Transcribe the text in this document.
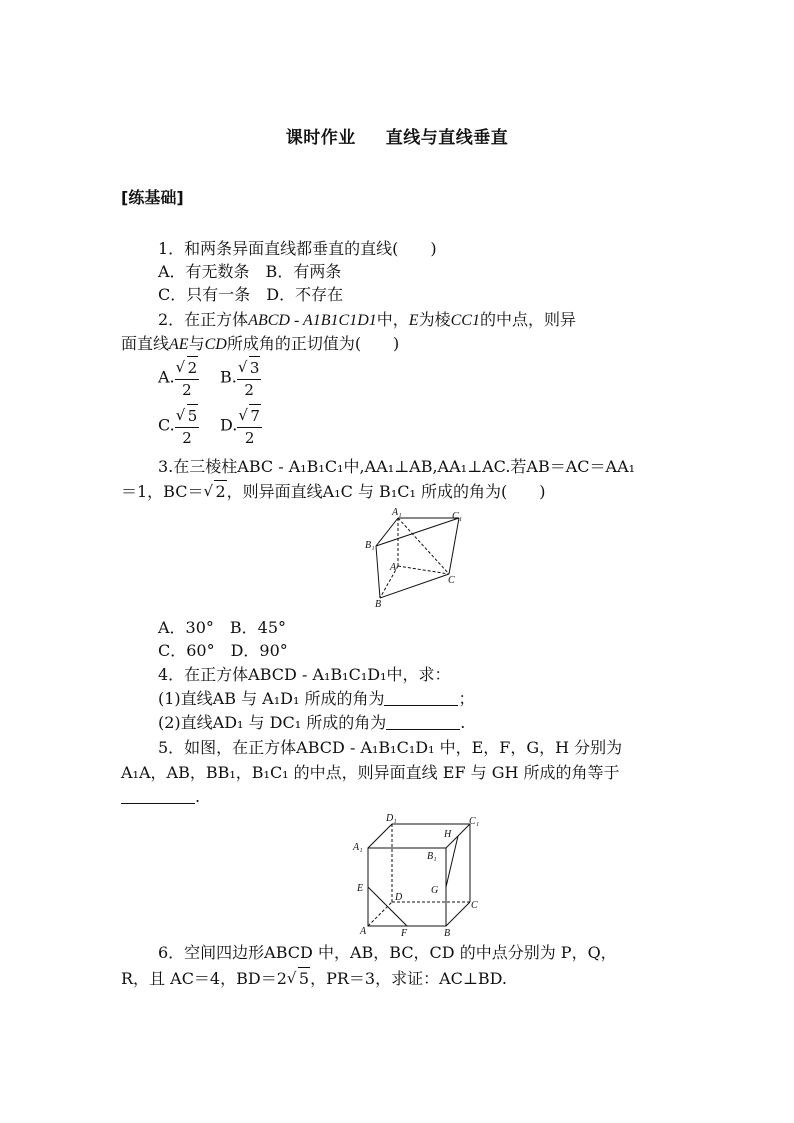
课时作业 直线与直线垂直
[练基础]
1．和两条异面直线都垂直的直线(　　)
A．有无数条　B．有两条
C．只有一条　D．不存在
2．在正方体ABCD - A1B1C1D1中，E为棱CC1的中点，则异
面直线AE与CD所成角的正切值为(　　)
A. $\frac{√ 2}{2} B$. $\frac{√ 3}{2}$
C. $\frac{√ 5}{2} D$. $\frac{√ 7}{2}$
3.在三棱柱ABC - A₁B₁C₁中,AA₁⊥AB,AA₁⊥AC.若AB＝AC＝AA₁
＝1，BC＝ √ 2，则异面直线A₁C 与 B₁C₁ 所成的角为(　　)
A₁	C₁
B₁
A
C
B
A．30°　B．45°
C．60°　D．90°
4．在正方体ABCD - A₁B₁C₁D₁中，求：
(1)直线AB 与 A₁D₁ 所成的角为	；
(2)直线AD₁ 与 DC₁ 所成的角为	.
5．如图，在正方体ABCD - A₁B₁C₁D₁ 中，E，F，G，H 分别为
A₁A，AB，BB₁，B₁C₁ 的中点，则异面直线 EF 与 GH 所成的角等于
.
D₁	C₁
H
A₁
B₁
E
D
G
C
A	F	B
6．空间四边形ABCD 中，AB，BC，CD 的中点分别为 P，Q，
R，且 AC＝4，BD＝2 √ 5，PR＝3，求证：AC⊥BD.
